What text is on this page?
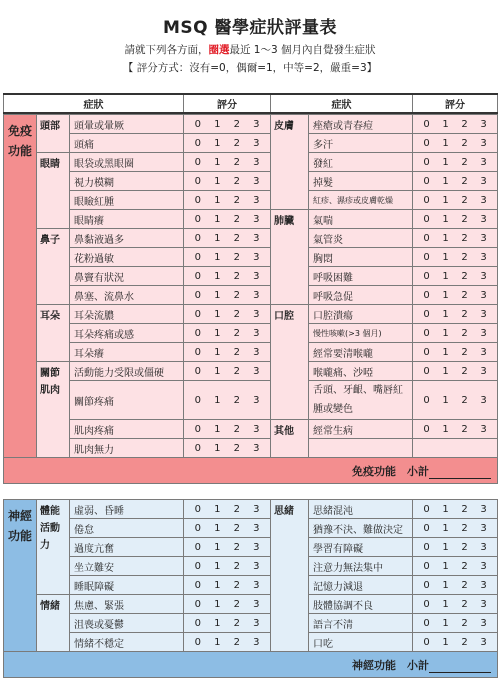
MSQ 醫學症狀評量表
請就下列各方面，圈選最近 1～3 個月內自覺發生症狀
【 評分方式：沒有=0，偶爾=1，中等=2，嚴重=3】
症狀	評分	症狀	評分
免疫功能	頭部	頭暈或暈厥	0 1 2 3	皮膚	痤瘡或青春痘	0 1 2 3

		頭痛	0 1 2 3		多汗	0 1 2 3

	眼睛	眼袋或黑眼圈	0 1 2 3		發紅	0 1 2 3

		視力模糊	0 1 2 3		掉髮	0 1 2 3

		眼瞼紅腫	0 1 2 3		紅疹、濕疹或皮膚乾燥	0 1 2 3

		眼睛癢	0 1 2 3	肺臟	氣喘	0 1 2 3

	鼻子	鼻黏液過多	0 1 2 3		氣管炎	0 1 2 3

		花粉過敏	0 1 2 3		胸悶	0 1 2 3

		鼻竇有狀況	0 1 2 3		呼吸困難	0 1 2 3

		鼻塞、流鼻水	0 1 2 3		呼吸急促	0 1 2 3

	耳朵	耳朵流膿	0 1 2 3	口腔	口腔潰瘍	0 1 2 3

		耳朵疼痛或感	0 1 2 3		慢性咳嗽(>3 個月)	0 1 2 3

		耳朵癢	0 1 2 3		經常要清喉嚨	0 1 2 3

	關節肌肉	活動能力受限或僵硬	0 1 2 3		喉嚨痛、沙啞	0 1 2 3

		關節疼痛	0 1 2 3		舌頭、牙齦、嘴唇紅腫或變色	0 1 2 3

		肌肉疼痛	0 1 2 3	其他	經常生病	0 1 2 3

		肌肉無力	0 1 2 3			

				免疫功能　小計		
神經功能	體能活動力	虛弱、昏睡	0 1 2 3	思緒	思緒混沌	0 1 2 3

		倦怠	0 1 2 3		猶豫不決、難做決定	0 1 2 3

		過度亢奮	0 1 2 3		學習有障礙	0 1 2 3

		坐立難安	0 1 2 3		注意力無法集中	0 1 2 3

		睡眠障礙	0 1 2 3		記憶力減退	0 1 2 3

	情緒	焦慮、緊張	0 1 2 3		肢體協調不良	0 1 2 3

		沮喪或憂鬱	0 1 2 3		語言不清	0 1 2 3

		情緒不穩定	0 1 2 3		口吃	0 1 2 3

				神經功能　小計		
